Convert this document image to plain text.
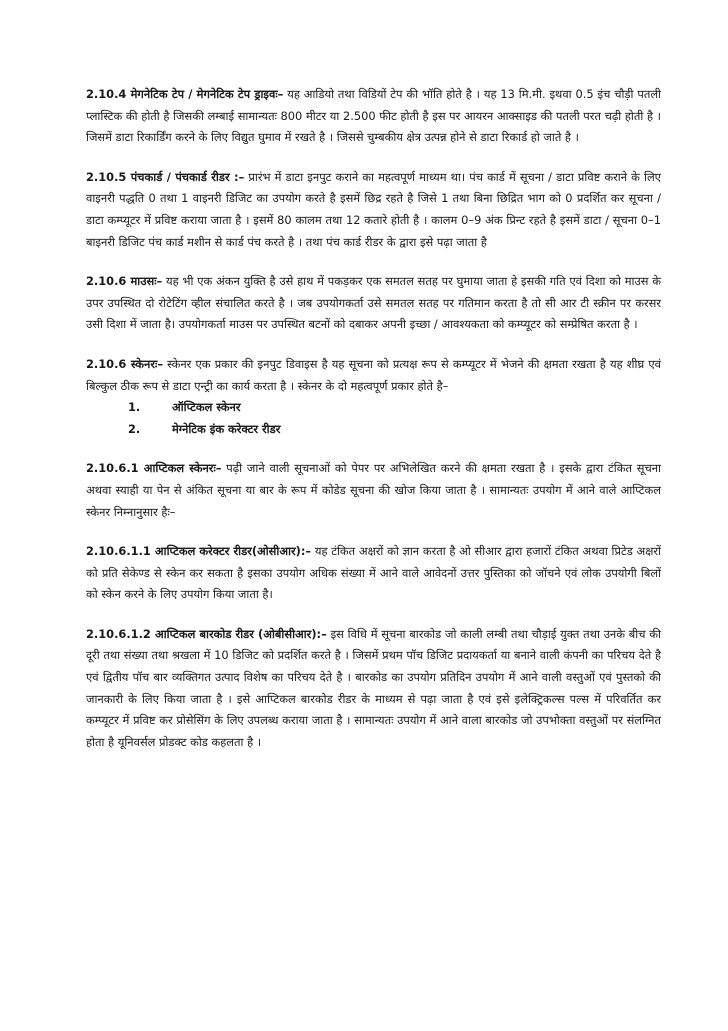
2.10.4 मेगनेटिक टेप / मेगनेटिक टेप ड्राइवः– यह आडियो तथा विडियों टेप की भॉति होते है । यह 13 मि.मी. इथवा 0.5 इंच चौड़ी पतली प्लास्टिक की होती है जिसकी लम्बाई सामान्यतः 800 मीटर या 2.500 फीट होती है इस पर आयरन आक्साइड की पतली परत चढ़ी होती है । जिसमें डाटा रिकार्डिंग करने के लिए विद्युत घुमाव में रखते है । जिससे चुम्बकीय क्षेत्र उत्पन्न होने से डाटा रिकार्ड हो जाते है ।

2.10.5 पंचकार्ड / पंचकार्ड रीडर :– प्रारंभ में डाटा इनपुट कराने का महत्वपूर्ण माध्यम था। पंच कार्ड में सूचना / डाटा प्रविष्ट कराने के लिए वाइनरी पद्धति 0 तथा 1 वाइनरी डिजिट का उपयोग करते है इसमें छिद्र रहते है जिसे 1 तथा बिना छिद्रित भाग को 0 प्रदर्शित कर सूचना / डाटा कम्प्यूटर में प्रविष्ट कराया जाता है । इसमें 80 कालम तथा 12 कतारे होती है । कालम 0–9 अंक प्रिन्ट रहते है इसमें डाटा / सूचना 0–1 बाइनरी डिजिट पंच कार्ड मशीन से कार्ड पंच करते है । तथा पंच कार्ड रीडर के द्वारा इसे पढ़ा जाता है

2.10.6 माउसः– यह भी एक अंकन युक्ति है उसे हाथ में पकड़कर एक समतल सतह पर घुमाया जाता हे इसकी गति एवं दिशा को माउस के उपर उपस्थित दो रोटेटिंग व्हील संचालित करते है । जब उपयोगकर्ता उसे समतल सतह पर गतिमान करता है तो सी आर टी स्क्रीन पर करसर उसी दिशा में जाता है। उपयोगकर्ता माउस पर उपस्थित बटनों को दबाकर अपनी इच्छा / आवश्यकता को कम्प्यूटर को सम्प्रेषित करता है ।

2.10.6 स्केनरः– स्केनर एक प्रकार की इनपुट डिवाइस है यह सूचना को प्रत्यक्ष रूप से कम्प्यूटर में भेजने की क्षमता रखता है यह शीघ्र एवं बिल्कुल ठीक रूप से डाटा एन्ट्री का कार्य करता है । स्केनर के दो महत्वपूर्ण प्रकार होते है–

1.	ऑप्टिकल स्केनर
2.	मेग्नेटिक इंक करेक्टर रीडर

2.10.6.1 आप्टिकल स्केनरः– पढ़ी जाने वाली सूचनाओं को पेपर पर अभिलेखित करने की क्षमता रखता है । इसके द्वारा टंकित सूचना अथवा स्याही या पेन से अंकित सूचना या बार के रूप में कोडेड सूचना की खोज किया जाता है । सामान्यतः उपयोग में आने वाले आप्टिकल स्केनर निम्नानुसार हैः–

2.10.6.1.1 आप्टिकल करेक्टर रीडर(ओसीआर):– यह टंकित अक्षरों को ज्ञान करता है ओ सीआर द्वारा हजारों टंकित अथवा प्रिटेड अक्षरों को प्रति सेकेण्ड से स्केन कर सकता है इसका उपयोग अधिक संख्या में आने वाले आवेदनों उत्तर पुस्तिका को जॉचने एवं लोक उपयोगी बिलों को स्केन करने के लिए उपयोग किया जाता है।

2.10.6.1.2 आप्टिकल बारकोड रीडर (ओबीसीआर):– इस विधि में सूचना बारकोड जो काली लम्बी तथा चौड़ाई युक्त तथा उनके बीच की दूरी तथा संख्या तथा श्रखला में 10 डिजिट को प्रदर्शित करते है । जिसमें प्रथम पॉच डिजिट प्रदायकर्ता या बनाने वाली कंपनी का परिचय देते है एवं द्वितीय पॉच बार व्यक्तिगत उत्पाद विशेष का परिचय देते है । बारकोड का उपयोग प्रतिदिन उपयोग में आने वाली वस्तुओं एवं पुस्तको की जानकारी के लिए किया जाता है । इसे आप्टिकल बारकोड रीडर के माध्यम से पढ़ा जाता है एवं इसे इलेक्ट्रिकल्स पल्स में परिवर्तित कर कम्प्यूटर में प्रविष्ट कर प्रोसेसिंग के लिए उपलब्ध कराया जाता है । सामान्यतः उपयोग में आने वाला बारकोड जो उपभोक्ता वस्तुओं पर संलग्नित होता है यूनिवर्सल प्रोडक्ट कोड कहलता है ।
